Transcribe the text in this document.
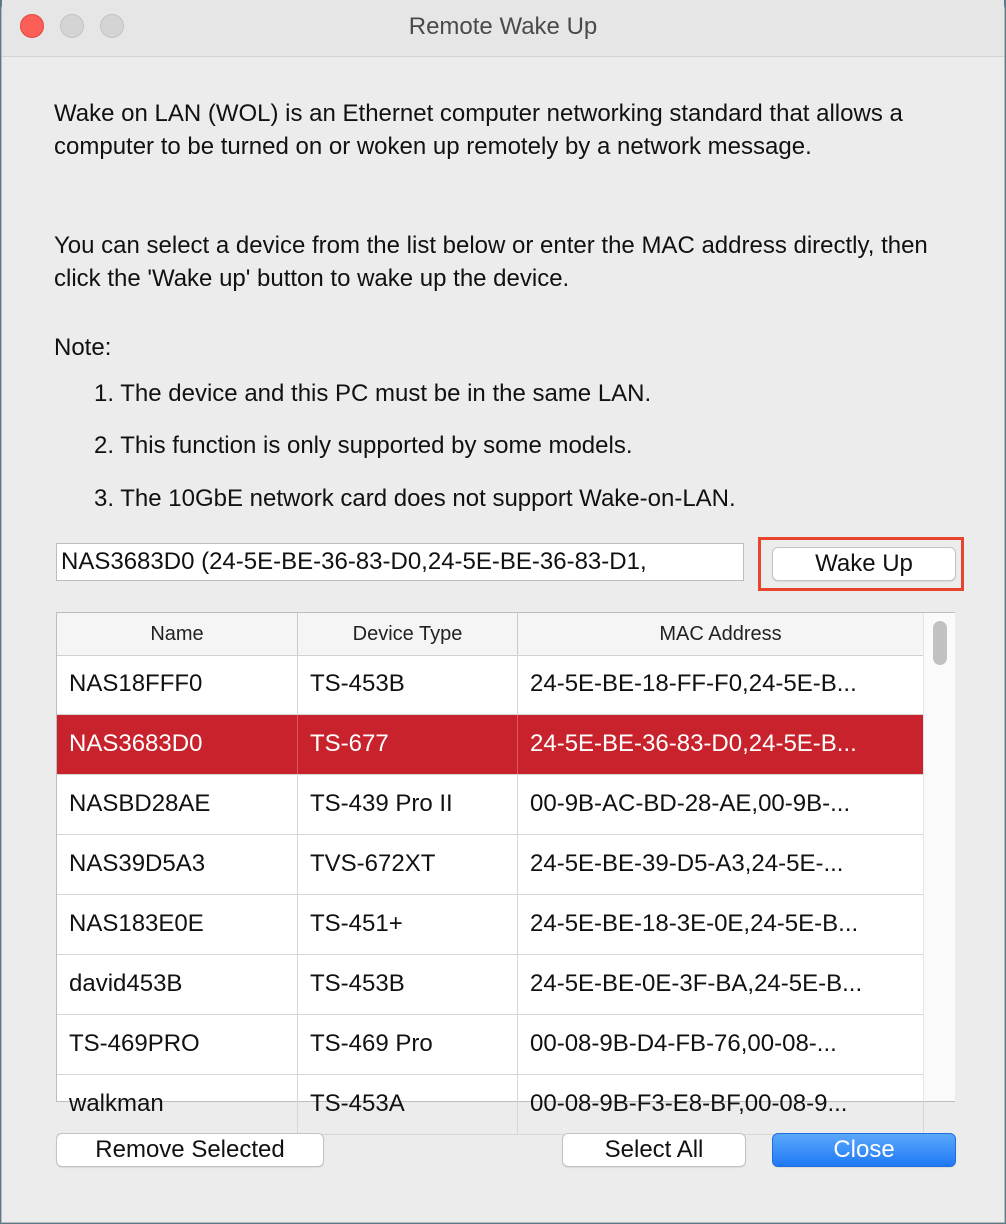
Remote Wake Up
Wake on LAN (WOL) is an Ethernet computer networking standard that allows a computer to be turned on or woken up remotely by a network message.
You can select a device from the list below or enter the MAC address directly, then click the 'Wake up' button to wake up the device.
Note:
1. The device and this PC must be in the same LAN.
2. This function is only supported by some models.
3. The 10GbE network card does not support Wake-on-LAN.
NAS3683D0 (24-5E-BE-36-83-D0,24-5E-BE-36-83-D1,	Wake Up
Name	Device Type	MAC Address
NAS18FFF0	TS-453B	24-5E-BE-18-FF-F0,24-5E-B...
NAS3683D0	TS-677	24-5E-BE-36-83-D0,24-5E-B...
NASBD28AE	TS-439 Pro II	00-9B-AC-BD-28-AE,00-9B-...
NAS39D5A3	TVS-672XT	24-5E-BE-39-D5-A3,24-5E-...
NAS183E0E	TS-451+	24-5E-BE-18-3E-0E,24-5E-B...
david453B	TS-453B	24-5E-BE-0E-3F-BA,24-5E-B...
TS-469PRO	TS-469 Pro	00-08-9B-D4-FB-76,00-08-...
walkman	TS-453A	00-08-9B-F3-E8-BF,00-08-9...
Remove Selected	Select All	Close
